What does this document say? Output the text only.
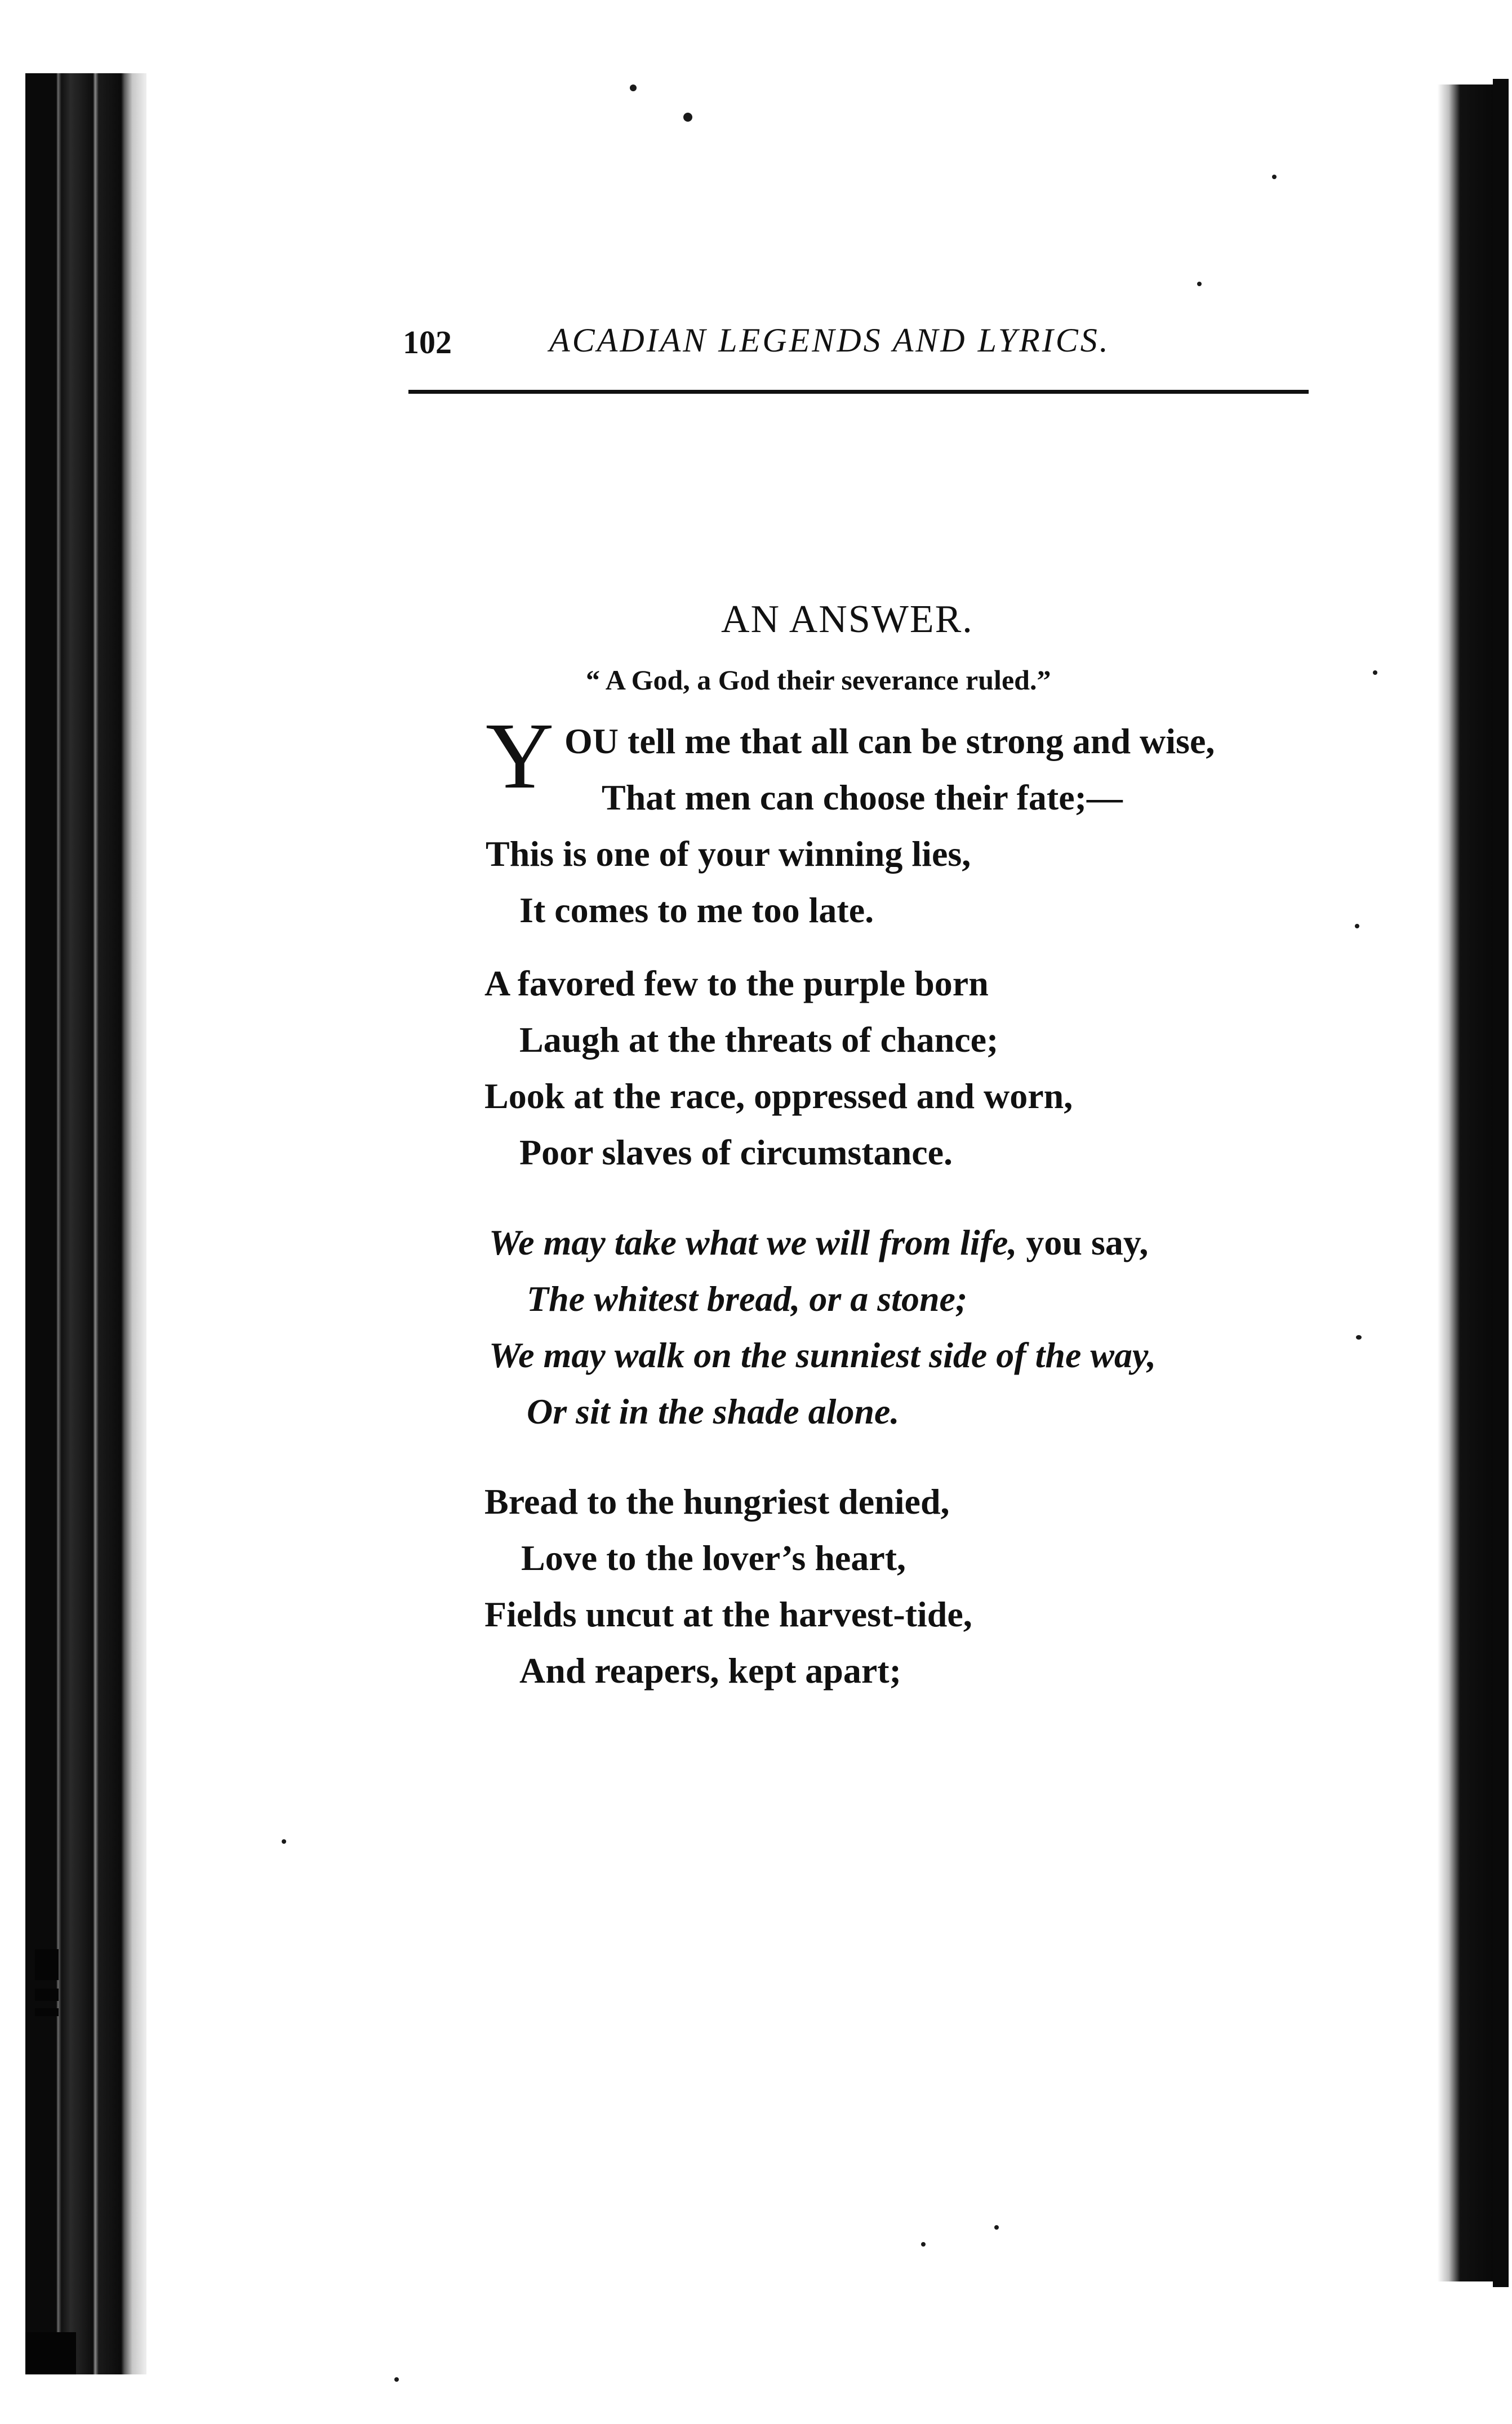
102	ACADIAN LEGENDS AND LYRICS.
AN ANSWER.
“ A God, a God their severance ruled.”
Y OU tell me that all can be strong and wise,
That men can choose their fate;—
This is one of your winning lies,
It comes to me too late.
A favored few to the purple born
Laugh at the threats of chance;
Look at the race, oppressed and worn,
Poor slaves of circumstance.
We may take what we will from life, you say,
The whitest bread, or a stone;
We may walk on the sunniest side of the way,
Or sit in the shade alone.
Bread to the hungriest denied,
Love to the lover’s heart,
Fields uncut at the harvest-tide,
And reapers, kept apart;
